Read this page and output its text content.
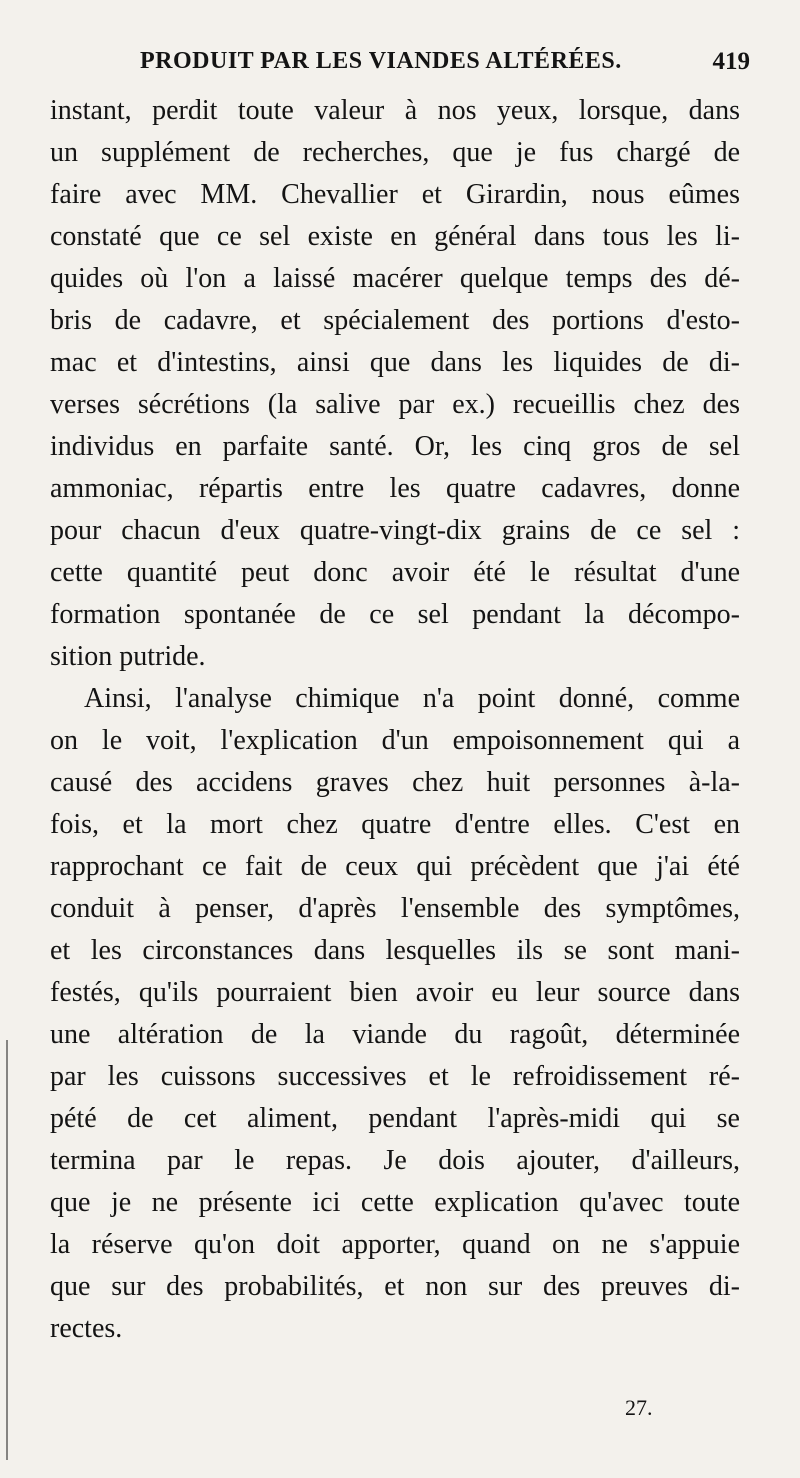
PRODUIT PAR LES VIANDES ALTÉRÉES.	419
instant, perdit toute valeur à nos yeux, lorsque, dans
un supplément de recherches, que je fus chargé de
faire avec MM. Chevallier et Girardin, nous eûmes
constaté que ce sel existe en général dans tous les li-
quides où l'on a laissé macérer quelque temps des dé-
bris de cadavre, et spécialement des portions d'esto-
mac et d'intestins, ainsi que dans les liquides de di-
verses sécrétions (la salive par ex.) recueillis chez des
individus en parfaite santé. Or, les cinq gros de sel
ammoniac, répartis entre les quatre cadavres, donne
pour chacun d'eux quatre-vingt-dix grains de ce sel :
cette quantité peut donc avoir été le résultat d'une
formation spontanée de ce sel pendant la décompo-
sition putride.
Ainsi, l'analyse chimique n'a point donné, comme
on le voit, l'explication d'un empoisonnement qui a
causé des accidens graves chez huit personnes à-la-
fois, et la mort chez quatre d'entre elles. C'est en
rapprochant ce fait de ceux qui précèdent que j'ai été
conduit à penser, d'après l'ensemble des symptômes,
et les circonstances dans lesquelles ils se sont mani-
festés, qu'ils pourraient bien avoir eu leur source dans
une altération de la viande du ragoût, déterminée
par les cuissons successives et le refroidissement ré-
pété de cet aliment, pendant l'après-midi qui se
termina par le repas. Je dois ajouter, d'ailleurs,
que je ne présente ici cette explication qu'avec toute
la réserve qu'on doit apporter, quand on ne s'appuie
que sur des probabilités, et non sur des preuves di-
rectes.
27.
